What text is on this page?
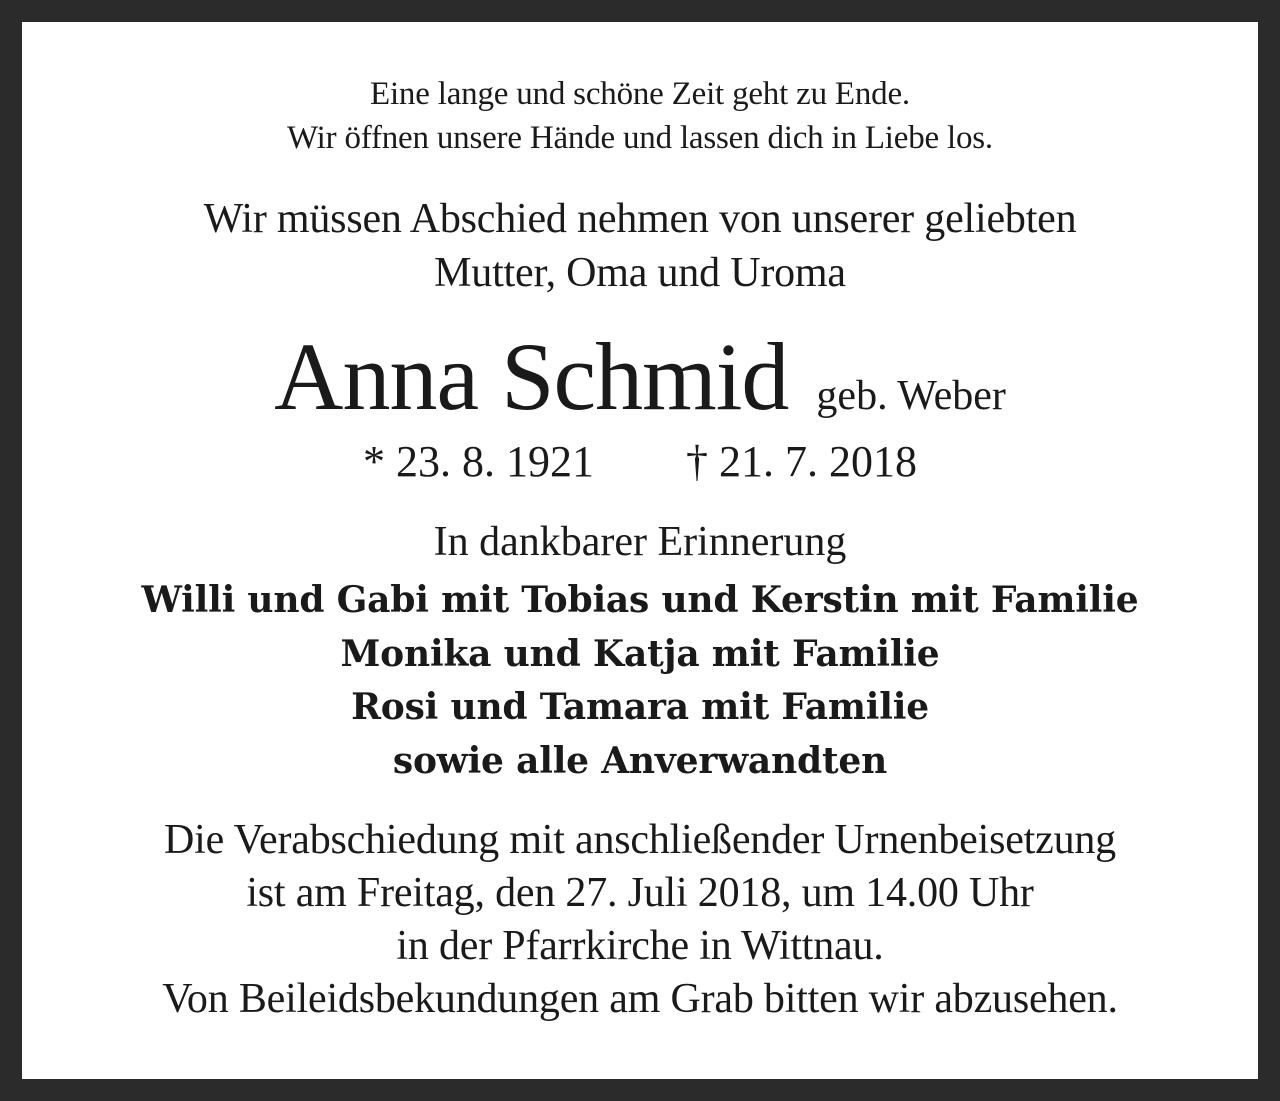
Eine lange und schöne Zeit geht zu Ende.
Wir öffnen unsere Hände und lassen dich in Liebe los.
Wir müssen Abschied nehmen von unserer geliebten
Mutter, Oma und Uroma
Anna Schmid geb. Weber
* 23. 8. 1921 † 21. 7. 2018
In dankbarer Erinnerung
Willi und Gabi mit Tobias und Kerstin mit Familie
Monika und Katja mit Familie
Rosi und Tamara mit Familie
sowie alle Anverwandten
Die Verabschiedung mit anschließender Urnenbeisetzung
ist am Freitag, den 27. Juli 2018, um 14.00 Uhr
in der Pfarrkirche in Wittnau.
Von Beileidsbekundungen am Grab bitten wir abzusehen.
